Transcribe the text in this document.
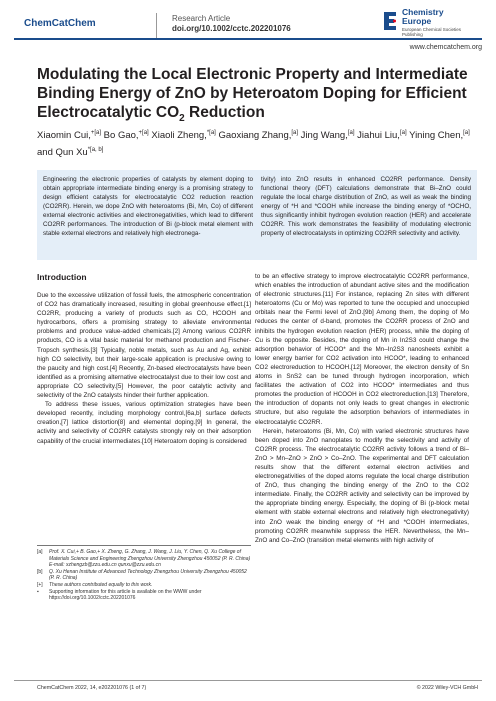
ChemCatChem	Research Article
doi.org/10.1002/cctc.202201076
Chemistry
Europe
European Chemical Societies Publishing
www.chemcatchem.org
Modulating the Local Electronic Property and Intermediate Binding Energy of ZnO by Heteroatom Doping for Efficient Electrocatalytic $CO_2$ Reduction
Xiaomin Cui,$^{+[a]}$ Bo Gao,$^{+[a]}$ Xiaoli Zheng,$^{*[a]}$ Gaoxiang Zhang,[a] Jing Wang,[a] Jiahui Liu,[a] Yining Chen,[a] and Qun $Xu^{*[a, b]}$
Engineering the electronic properties of catalysts by element doping to obtain appropriate intermediate binding energy is a promising strategy to design efficient catalysts for electrocatalytic CO2 reduction reaction (CO2RR). Herein, we dope ZnO with heteroatoms (Bi, Mn, Co) of different external electronic activities and electronegativities, which lead to different CO2RR performances. The introduction of Bi (p-block metal element with stable external electrons and relatively high electronega-
tivity) into ZnO results in enhanced CO2RR performance. Density functional theory (DFT) calculations demonstrate that Bi–ZnO could regulate the local charge distribution of ZnO, as well as weak the binding energy of *H and *COOH while increase the binding energy of *OCHO, thus significantly inhibit hydrogen evolution reaction (HER) and accelerate CO2RR. This work demonstrates the feasibility of modulating electronic property of electrocatalysts in optimizing CO2RR selectivity and activity.
Introduction

Due to the excessive utilization of fossil fuels, the atmospheric concentration of CO2 has dramatically increased, resulting in global greenhouse effect.[1] CO2RR, producing a variety of products such as CO, HCOOH and hydrocarbons, offers a promising strategy to alleviate environmental problems and produce value-added chemicals.[2] Among various CO2RR products, CO is a vital basic material for methanol production and Fischer-Tropsch synthesis.[3] Typically, noble metals, such as Au and Ag, exhibit high CO selectivity, but their large-scale application is preclusive owing to the paucity and high cost.[4] Recently, Zn-based electrocatalysts have been identified as a promising alternative electrocatalyst due to their low cost and appropriate CO selectivity.[5] However, the poor catalytic activity and selectivity of the ZnO catalysts hinder their further application.

To address these issues, various optimization strategies have been developed recently, including morphology control,[6a,b] surface defects creation,[7] lattice distortion[8] and elemental doping.[9] In general, the activity and selectivity of CO2RR catalysts strongly rely on their adsorption capability of the crucial intermediates.[10] Heteroatom doping is considered

to be an effective strategy to improve electrocatalytic CO2RR performance, which enables the introduction of abundant active sites and the modification of electronic structures.[11] For instance, replacing Zn sites with different heteroatoms (Cu or Mo) was reported to tune the occupied and unoccupied orbitals near the Fermi level of ZnO.[9b] Among them, the doping of Mo reduces the center of d-band, promotes the CO2RR process of ZnO and inhibits the hydrogen evolution reaction (HER) process, while the doping of Cu is the opposite. Besides, the doping of Mn in In2S3 could change the adsorption behavior of HCOO* and the Mn–In2S3 nanosheets exhibit a lower energy barrier for CO2 activation into HCOO*, leading to enhanced CO2 electroreduction to HCOOH.[12] Moreover, the electron density of Sn atoms in SnS2 can be tuned through hydrogen incorporation, which facilitates the activation of CO2 into HCOO* intermediates and thus promotes the production of HCOOH in CO2 electroreduction.[13] Therefore, the introduction of dopants not only leads to great changes in electronic structure, but also regulate the adsorption behaviors of intermediates in electrocatalytic CO2RR.

Herein, heteroatoms (Bi, Mn, Co) with varied electronic structures have been doped into ZnO nanoplates to modify the selectivity and activity of CO2RR process. The electrocatalytic CO2RR activity follows a trend of Bi–ZnO > Mn–ZnO > ZnO > Co–ZnO. The experimental and DFT calculation results show that the different external electron activities and electronegativities of the doped atoms regulate the local charge distribution of ZnO, thus changing the binding energy of the ZnO to the CO2 intermediate. Finally, the CO2RR activity and selectivity can be improved by the appropriate binding energy. Especially, the doping of Bi (p-block metal element with stable external electrons and relatively high electronegativity) into ZnO weak the binding energy of *H and *COOH intermediates, promoting CO2RR meanwhile suppress the HER. Nevertheless, the Mn–ZnO and Co–ZnO (transition metal elements with high activity of

[a]	Prof. X. Cui,+ B. Gao,+ X. Zheng, G. Zhang, J. Wang, J. Liu, Y. Chen, Q. Xu College of Materials Science and Engineering Zhengzhou University Zhengzhou 450052 (P. R. China) E-mail: xzhengzb@zzu.edu.cn qunxu@zzu.edu.cn
[b]	Q. Xu Henan Institute of Advanced Technology Zhengzhou University Zhengzhou 450052 (P. R. China)
[+]	These authors contributed equally to this work.
▪	Supporting information for this article is available on the WWW under https://doi.org/10.1002/cctc.202201076
ChemCatChem 2022, 14, e202201076 (1 of 7)	© 2022 Wiley-VCH GmbH
